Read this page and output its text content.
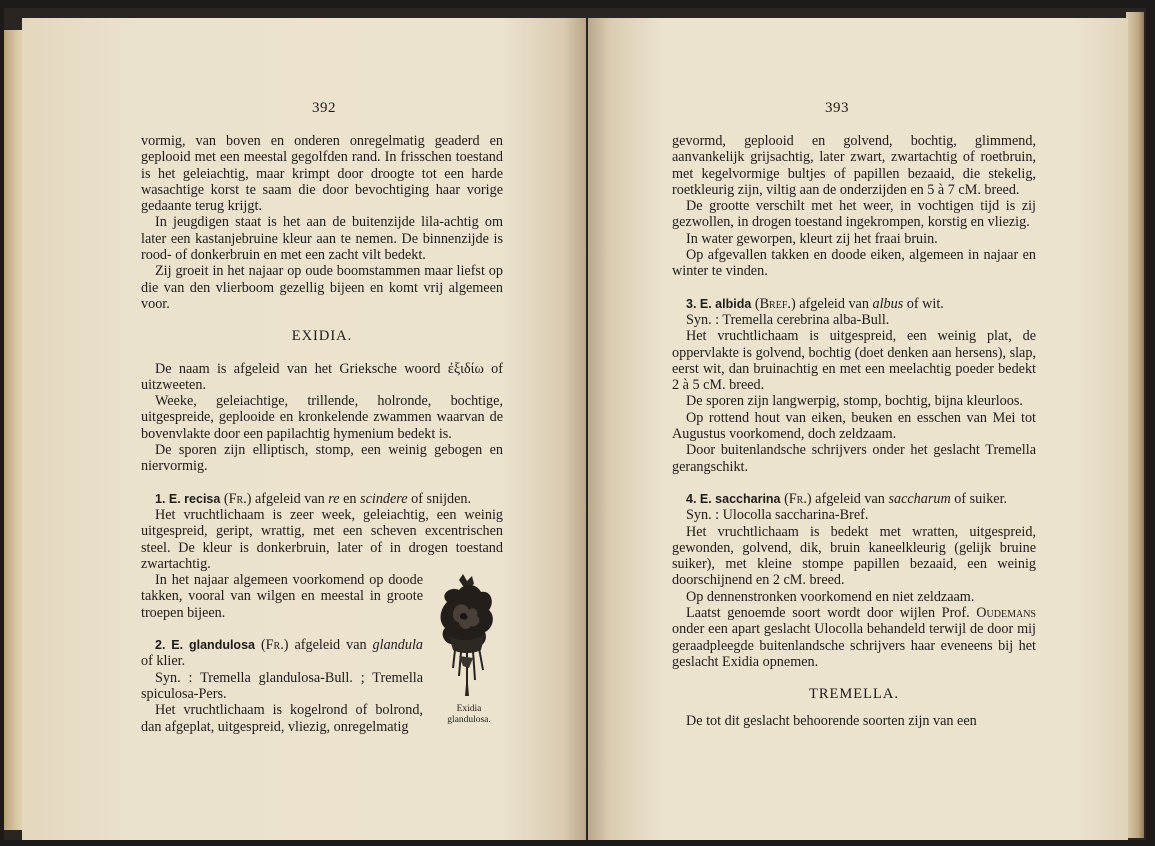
392

vormig, van boven en onderen onregelmatig geaderd en geplooid met een meestal gegolfden rand. In frisschen toestand is het geleiachtig, maar krimpt door droogte tot een harde wasachtige korst te saam die door bevochtiging haar vorige gedaante terug krijgt.

In jeugdigen staat is het aan de buitenzijde lila-achtig om later een kastanjebruine kleur aan te nemen. De binnenzijde is rood- of donkerbruin en met een zacht vilt bedekt.

Zij groeit in het najaar op oude boomstammen maar liefst op die van den vlierboom gezellig bijeen en komt vrij algemeen voor.

EXIDIA.

De naam is afgeleid van het Grieksche woord ἐξιδίω of uitzweeten.

Weeke, geleiachtige, trillende, holronde, bochtige, uitgespreide, geplooide en kronkelende zwammen waarvan de bovenvlakte door een papilachtig hymenium bedekt is.

De sporen zijn elliptisch, stomp, een weinig gebogen en niervormig.

1. E. recisa (Fr.) afgeleid van re en scindere of snijden.

Het vruchtlichaam is zeer week, geleiachtig, een weinig uitgespreid, geript, wrattig, met een scheven excentrischen steel. De kleur is donkerbruin, later of in drogen toestand zwartachtig.

Exidia
glandulosa.

In het najaar algemeen voorkomend op doode takken, vooral van wilgen en meestal in groote troepen bijeen.

2. E. glandulosa (Fr.) afgeleid van glandula of klier.

Syn. : Tremella glandulosa-Bull. ; Tremella spiculosa-Pers.

Het vruchtlichaam is kogelrond of bolrond, dan afgeplat, uitgespreid, vliezig, onregelmatig

393

gevormd, geplooid en golvend, bochtig, glimmend, aanvankelijk grijsachtig, later zwart, zwartachtig of roetbruin, met kegelvormige bultjes of papillen bezaaid, die stekelig, roetkleurig zijn, viltig aan de onderzijden en 5 à 7 cM. breed.

De grootte verschilt met het weer, in vochtigen tijd is zij gezwollen, in drogen toestand ingekrompen, korstig en vliezig.

In water geworpen, kleurt zij het fraai bruin.

Op afgevallen takken en doode eiken, algemeen in najaar en winter te vinden.

3. E. albida (Bref.) afgeleid van albus of wit.

Syn. : Tremella cerebrina alba-Bull.

Het vruchtlichaam is uitgespreid, een weinig plat, de oppervlakte is golvend, bochtig (doet denken aan hersens), slap, eerst wit, dan bruinachtig en met een meelachtig poeder bedekt 2 à 5 cM. breed.

De sporen zijn langwerpig, stomp, bochtig, bijna kleurloos.

Op rottend hout van eiken, beuken en esschen van Mei tot Augustus voorkomend, doch zeldzaam.

Door buitenlandsche schrijvers onder het geslacht Tremella gerangschikt.

4. E. saccharina (Fr.) afgeleid van saccharum of suiker.

Syn. : Ulocolla saccharina-Bref.

Het vruchtlichaam is bedekt met wratten, uitgespreid, gewonden, golvend, dik, bruin kaneelkleurig (gelijk bruine suiker), met kleine stompe papillen bezaaid, een weinig doorschijnend en 2 cM. breed.

Op dennenstronken voorkomend en niet zeldzaam.

Laatst genoemde soort wordt door wijlen Prof. Oudemans onder een apart geslacht Ulocolla behandeld terwijl de door mij geraadpleegde buitenlandsche schrijvers haar eveneens bij het geslacht Exidia opnemen.

TREMELLA.

De tot dit geslacht behoorende soorten zijn van een
